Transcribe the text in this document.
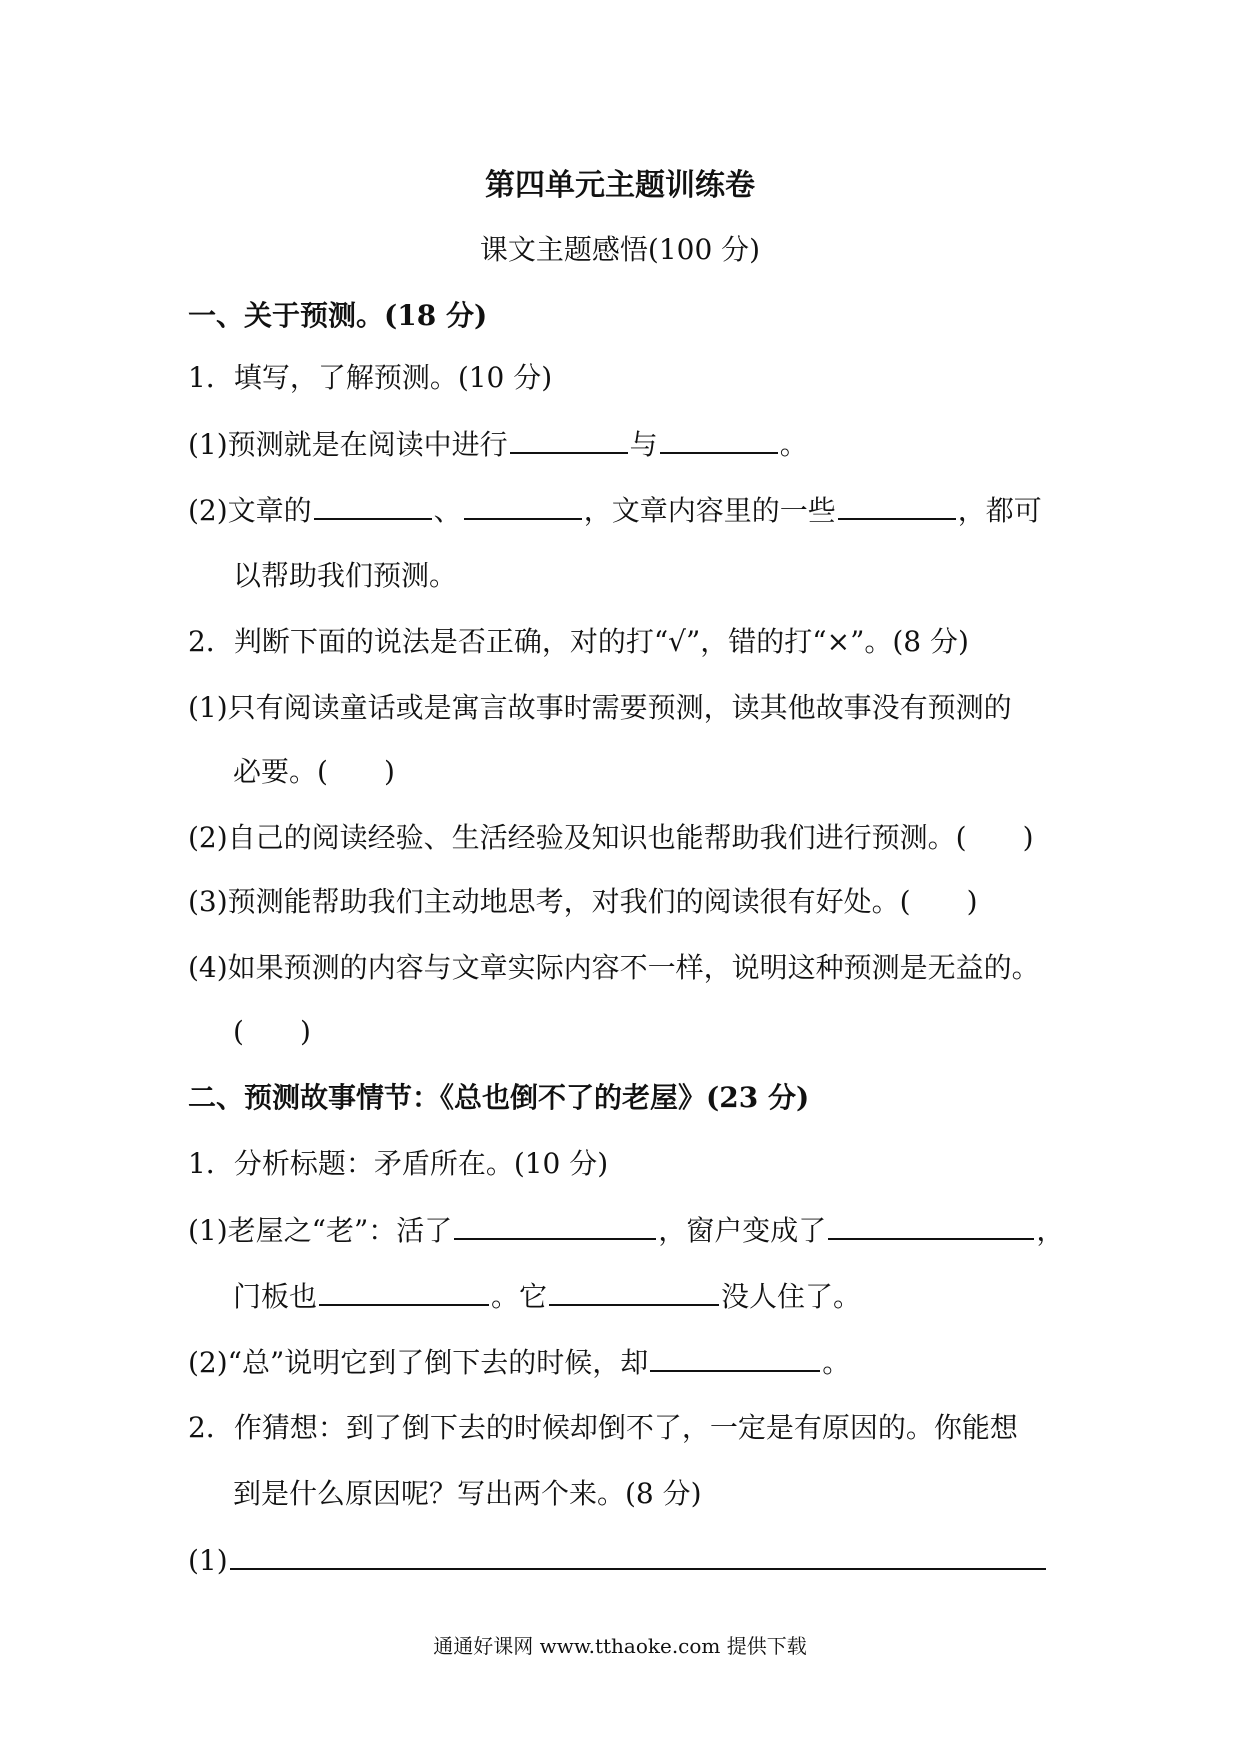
第四单元主题训练卷
课文主题感悟(100 分)
一、关于预测。(18 分)
1．填写，了解预测。(10 分)
(1)预测就是在阅读中进行	与	。
(2)文章的	、	，文章内容里的一些	，都可
以帮助我们预测。
2．判断下面的说法是否正确，对的打“√”，错的打“×”。(8 分)
(1)只有阅读童话或是寓言故事时需要预测，读其他故事没有预测的
必要。( )
(2)自己的阅读经验、生活经验及知识也能帮助我们进行预测。( )
(3)预测能帮助我们主动地思考，对我们的阅读很有好处。( )
(4)如果预测的内容与文章实际内容不一样，说明这种预测是无益的。
( )
二、预测故事情节：《总也倒不了的老屋》(23 分)
1．分析标题：矛盾所在。(10 分)
(1)老屋之“老”：活了	，窗户变成了	，
门板也	。它	没人住了。
(2)“总”说明它到了倒下去的时候，却	。
2．作猜想：到了倒下去的时候却倒不了，一定是有原因的。你能想
到是什么原因呢？写出两个来。(8 分)
(1)
通通好课网 www.tthaoke.com 提供下载
